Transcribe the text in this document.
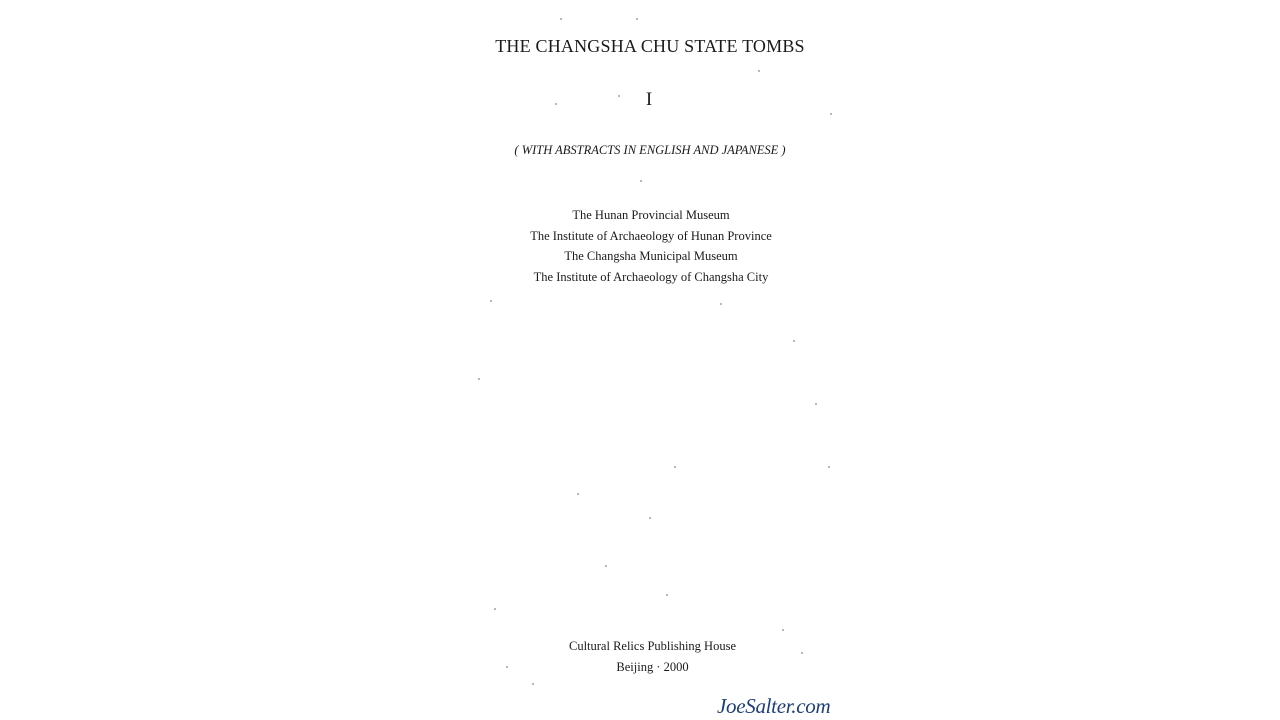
THE CHANGSHA CHU STATE TOMBS
I
( WITH ABSTRACTS IN ENGLISH AND JAPANESE )
The Hunan Provincial Museum
The Institute of Archaeology of Hunan Province
The Changsha Municipal Museum
The Institute of Archaeology of Changsha City
Cultural Relics Publishing House
Beijing · 2000
JoeSalter.com
